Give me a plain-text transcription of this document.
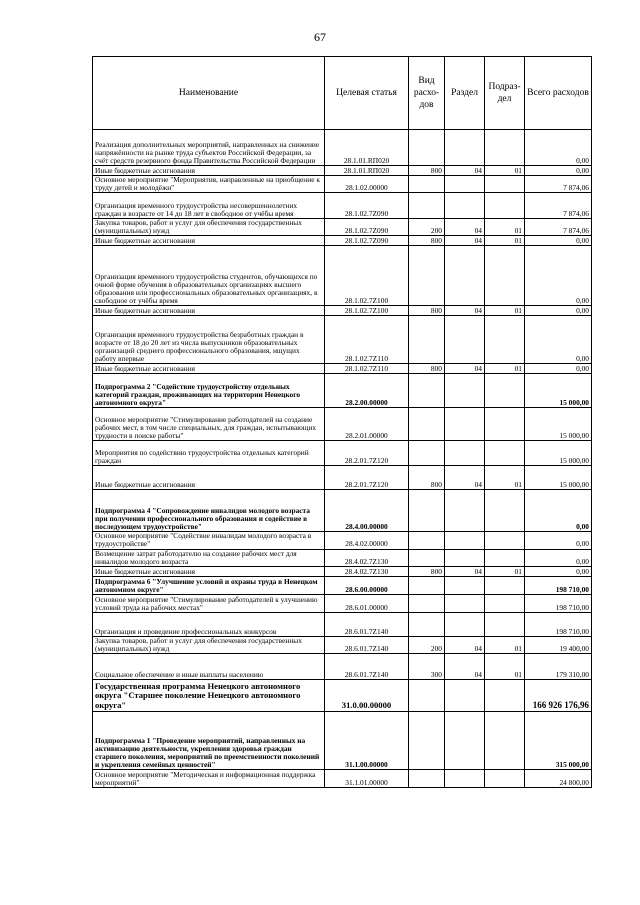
67
Наименование	Целевая статья	Вид расхо-дов	Раздел	Подраз-дел	Всего расходов
Реализация дополнительных мероприятий, направленных на снижение напряжённости на рынке труда субъектов Российской Федерации, за счёт средств резервного фонда Правительства Российской Федерации	28.1.01.RП020				0,00
Иные бюджетные ассигнования	28.1.01.RП020	800	04	01	0,00
Основное мероприятие "Мероприятия, направленные на приобщение к труду детей и молодёжи"	28.1.02.00000				7 874,06
Организация временного трудоустройства несовершеннолетних граждан в возрасте от 14 до 18 лет в свободное от учёбы время	28.1.02.7Z090				7 874,06
Закупка товаров, работ и услуг для обеспечения государственных (муниципальных) нужд	28.1.02.7Z090	200	04	01	7 874,06
Иные бюджетные ассигнования	28.1.02.7Z090	800	04	01	0,00
Организация временного трудоустройства студентов, обучающихся по очной форме обучения в образовательных организациях высшего образования или профессиональных образовательных организациях, в свободное от учёбы время	28.1.02.7Z100				0,00
Иные бюджетные ассигнования	28.1.02.7Z100	800	04	01	0,00
Организация временного трудоустройства безработных граждан в возрасте от 18 до 20 лет из числа выпускников образовательных организаций среднего профессионального образования, ищущих работу впервые	28.1.02.7Z110				0,00
Иные бюджетные ассигнования	28.1.02.7Z110	800	04	01	0,00
Подпрограмма 2 "Содействие трудоустройству отдельных категорий граждан, проживающих на территории Ненецкого автономного округа"	28.2.00.00000				15 000,00
Основное мероприятие "Стимулирование работодателей на создание рабочих мест, в том числе специальных, для граждан, испытывающих трудности в поиске работы"	28.2.01.00000				15 000,00
Мероприятия по содействию трудоустройства отдельных категорий граждан	28.2.01.7Z120				15 000,00
Иные бюджетные ассигнования	28.2.01.7Z120	800	04	01	15 000,00
Подпрограмма 4 "Сопровождение инвалидов молодого возраста при получении профессионального образования и содействие в последующем трудоустройстве"	28.4.00.00000				0,00
Основное мероприятие "Содействие инвалидам молодого возраста в трудоустройстве"	28.4.02.00000				0,00
Возмещение затрат работодателю на создание рабочих мест для инвалидов молодого возраста	28.4.02.7Z130				0,00
Иные бюджетные ассигнования	28.4.02.7Z130	800	04	01	0,00
Подпрограмма 6 "Улучшение условий и охраны труда в Ненецком автономном округе"	28.6.00.00000				198 710,00
Основное мероприятие "Стимулирование работодателей к улучшению условий труда на рабочих местах"	28.6.01.00000				198 710,00
Организация и проведение профессиональных конкурсов	28.6.01.7Z140				198 710,00
Закупка товаров, работ и услуг для обеспечения государственных (муниципальных) нужд	28.6.01.7Z140	200	04	01	19 400,00
Социальное обеспечение и иные выплаты населению	28.6.01.7Z140	300	04	01	179 310,00
Государственная программа Ненецкого автономного округа "Старшее поколение Ненецкого автономного округа"	31.0.00.00000				166 926 176,96
Подпрограмма 1 "Проведение мероприятий, направленных на активизацию деятельности, укрепления здоровья граждан старшего поколения, мероприятий по преемственности поколений и укрепления семейных ценностей"	31.1.00.00000				315 000,00
Основное мероприятие "Методическая и информационная поддержка мероприятий"	31.1.01.00000				24 800,00
